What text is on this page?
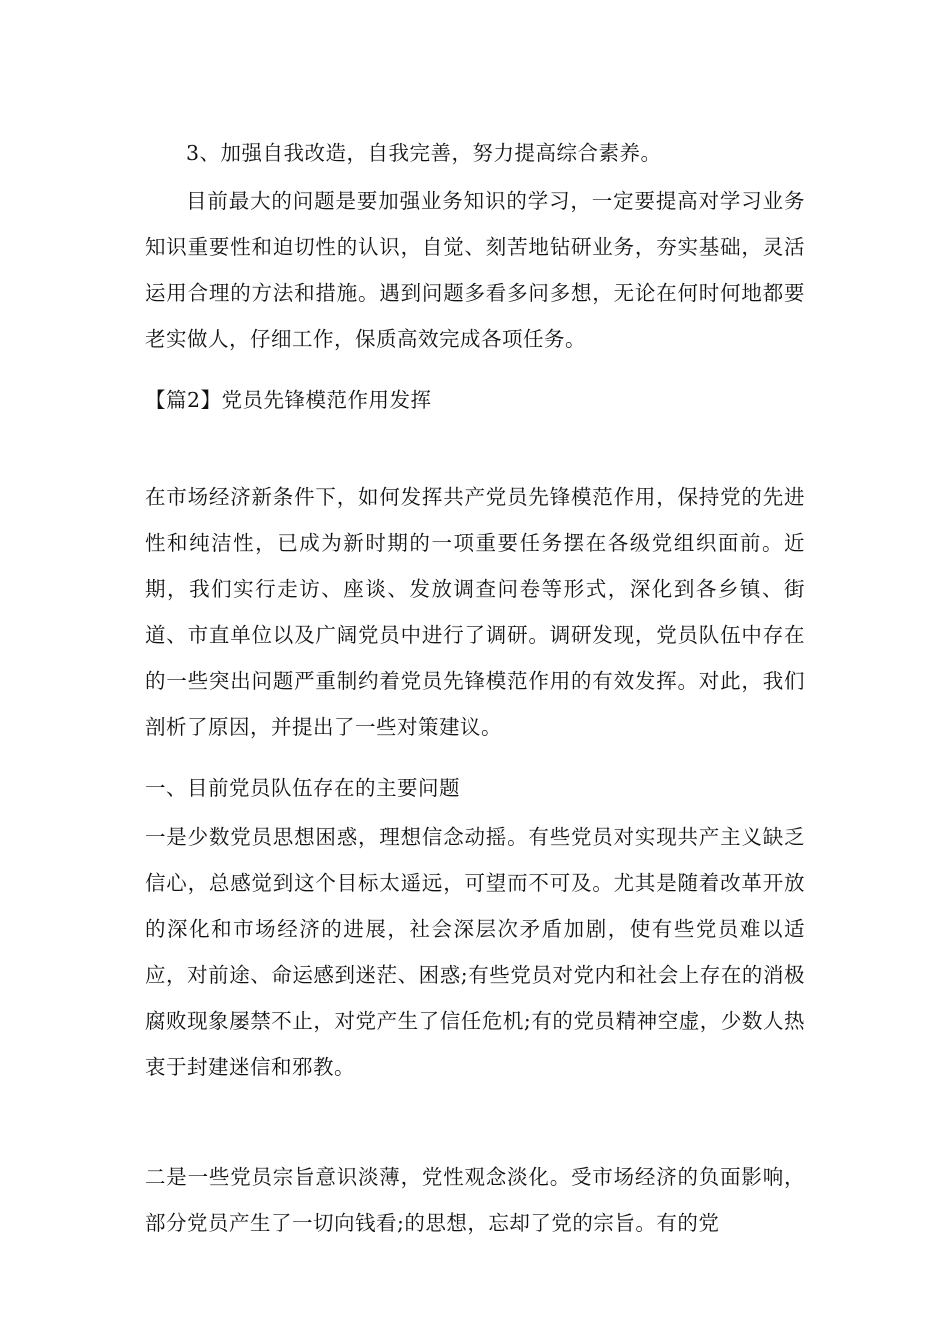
3、加强自我改造，自我完善，努力提高综合素养。

目前最大的问题是要加强业务知识的学习，一定要提高对学习业务知识重要性和迫切性的认识，自觉、刻苦地钻研业务，夯实基础，灵活运用合理的方法和措施。遇到问题多看多问多想，无论在何时何地都要老实做人，仔细工作，保质高效完成各项任务。

【篇2】党员先锋模范作用发挥

在市场经济新条件下，如何发挥共产党员先锋模范作用，保持党的先进性和纯洁性，已成为新时期的一项重要任务摆在各级党组织面前。近期，我们实行走访、座谈、发放调查问卷等形式，深化到各乡镇、街道、市直单位以及广阔党员中进行了调研。调研发现，党员队伍中存在的一些突出问题严重制约着党员先锋模范作用的有效发挥。对此，我们剖析了原因，并提出了一些对策建议。

一、目前党员队伍存在的主要问题

一是少数党员思想困惑，理想信念动摇。有些党员对实现共产主义缺乏信心，总感觉到这个目标太遥远，可望而不可及。尤其是随着改革开放的深化和市场经济的进展，社会深层次矛盾加剧，使有些党员难以适应，对前途、命运感到迷茫、困惑;有些党员对党内和社会上存在的消极腐败现象屡禁不止，对党产生了信任危机;有的党员精神空虚，少数人热衷于封建迷信和邪教。

二是一些党员宗旨意识淡薄，党性观念淡化。受市场经济的负面影响，部分党员产生了一切向钱看;的思想，忘却了党的宗旨。有的党
